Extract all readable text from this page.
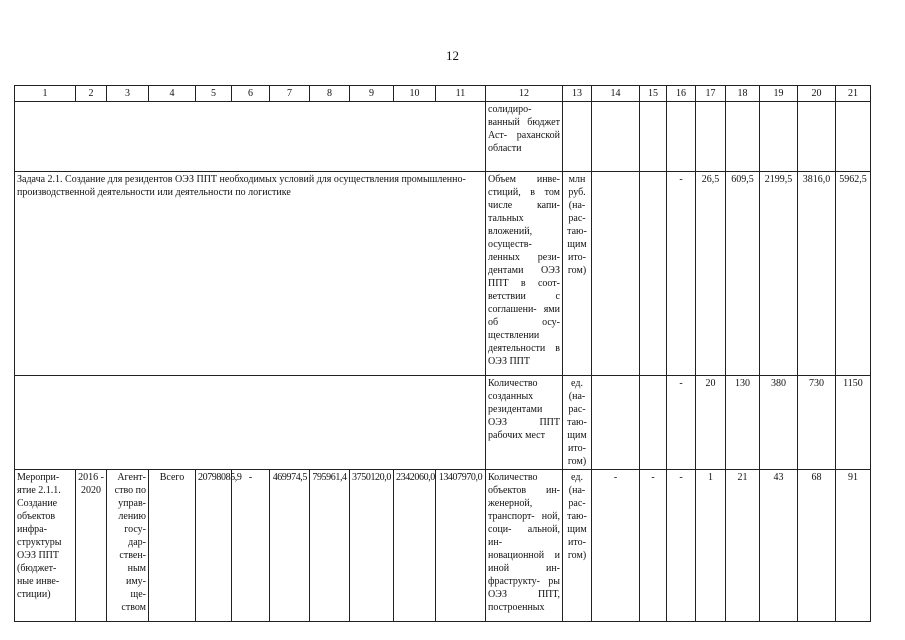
12
1	2	3	4	5	6	7	8	9	10	11	12	13	14	15	16	17	18	19	20	21
											солидиро- ванный бюджет Аст- раханской области									
Задача 2.1. Создание для резидентов ОЭЗ ППТ необходимых условий для осуществления промышленно-производственной деятельности или деятельности по логистике											Объем инве- стиций, в том числе капи- тальных вложений, осуществ- ленных рези- дентами ОЭЗ ППТ в соот- ветствии с соглашени- ями об осу- ществлении деятельности в ОЭЗ ППТ	млн руб. (на- рас- таю- щим ито- гом)			-	26,5	609,5	2199,5	3816,0	5962,5
											Количество созданных резидентами ОЭЗ ППТ рабочих мест	ед. (на- рас- таю- щим ито- гом)			-	20	130	380	730	1150
Меропри- ятие 2.1.1. Создание объектов инфра- структуры ОЭЗ ППТ (бюджет- ные инве- стиции)	2016 - 2020	Агент- ство по управ- лению госу- дар- ствен- ным иму- ще- ством	Всего	20798085,9	-	469974,5	795961,4	3750120,0	2342060,0	13407970,0	Количество объектов ин- женерной, транспорт- ной, соци- альной, ин- новационной и иной ин- фраструкту- ры ОЭЗ ППТ, построенных	ед. (на- рас- таю- щим ито- гом)	-	-	-	1	21	43	68	91
